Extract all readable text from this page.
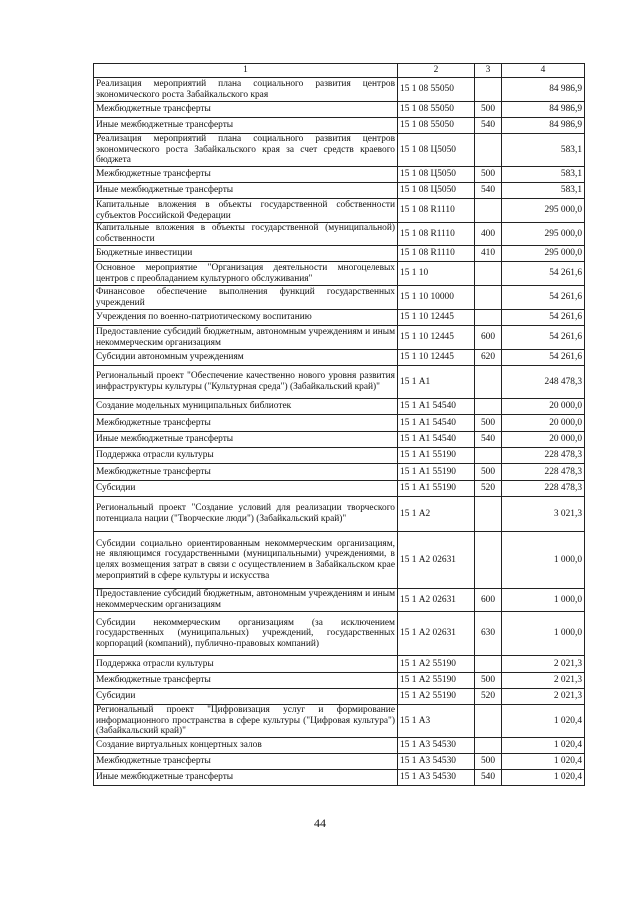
1	2	3	4
Реализация мероприятий плана социального развития центров экономического роста Забайкальского края	15 1 08 55050		84 986,9
Межбюджетные трансферты	15 1 08 55050	500	84 986,9
Иные межбюджетные трансферты	15 1 08 55050	540	84 986,9
Реализация мероприятий плана социального развития центров экономического роста Забайкальского края за счет средств краевого бюджета	15 1 08 Ц5050		583,1
Межбюджетные трансферты	15 1 08 Ц5050	500	583,1
Иные межбюджетные трансферты	15 1 08 Ц5050	540	583,1
Капитальные вложения в объекты государственной собственности субъектов Российской Федерации	15 1 08 R1110		295 000,0
Капитальные вложения в объекты государственной (муниципальной) собственности	15 1 08 R1110	400	295 000,0
Бюджетные инвестиции	15 1 08 R1110	410	295 000,0
Основное мероприятие "Организация деятельности многоцелевых центров с преобладанием культурного обслуживания"	15 1 10		54 261,6
Финансовое обеспечение выполнения функций государственных учреждений	15 1 10 10000		54 261,6
Учреждения по военно-патриотическому воспитанию	15 1 10 12445		54 261,6
Предоставление субсидий бюджетным, автономным учреждениям и иным некоммерческим организациям	15 1 10 12445	600	54 261,6
Субсидии автономным учреждениям	15 1 10 12445	620	54 261,6
Региональный проект "Обеспечение качественно нового уровня развития инфраструктуры культуры ("Культурная среда") (Забайкальский край)"	15 1 А1		248 478,3
Создание модельных муниципальных библиотек	15 1 А1 54540		20 000,0
Межбюджетные трансферты	15 1 А1 54540	500	20 000,0
Иные межбюджетные трансферты	15 1 А1 54540	540	20 000,0
Поддержка отрасли культуры	15 1 А1 55190		228 478,3
Межбюджетные трансферты	15 1 А1 55190	500	228 478,3
Субсидии	15 1 А1 55190	520	228 478,3
Региональный проект "Создание условий для реализации творческого потенциала нации ("Творческие люди") (Забайкальский край)"	15 1 А2		3 021,3
Субсидии социально ориентированным некоммерческим организациям, не являющимся государственными (муниципальными) учреждениями, в целях возмещения затрат в связи с осуществлением в Забайкальском крае мероприятий в сфере культуры и искусства	15 1 А2 02631		1 000,0
Предоставление субсидий бюджетным, автономным учреждениям и иным некоммерческим организациям	15 1 А2 02631	600	1 000,0
Субсидии некоммерческим организациям (за исключением государственных (муниципальных) учреждений, государственных корпораций (компаний), публично-правовых компаний)	15 1 А2 02631	630	1 000,0
Поддержка отрасли культуры	15 1 А2 55190		2 021,3
Межбюджетные трансферты	15 1 А2 55190	500	2 021,3
Субсидии	15 1 А2 55190	520	2 021,3
Региональный проект "Цифровизация услуг и формирование информационного пространства в сфере культуры ("Цифровая культура") (Забайкальский край)"	15 1 А3		1 020,4
Создание виртуальных концертных залов	15 1 А3 54530		1 020,4
Межбюджетные трансферты	15 1 А3 54530	500	1 020,4
Иные межбюджетные трансферты	15 1 А3 54530	540	1 020,4
44
